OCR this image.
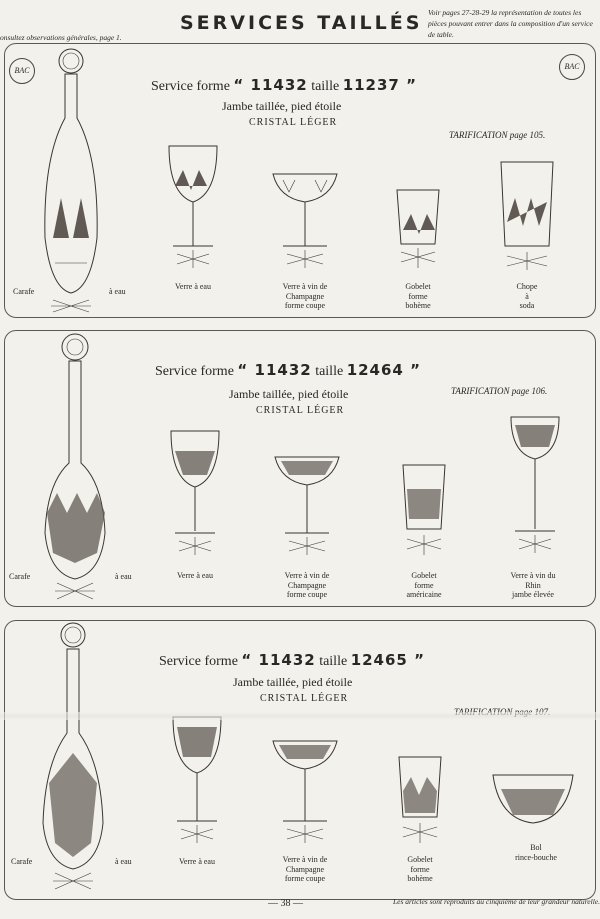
onsultez observations générales, page 1.
SERVICES TAILLÉS Voir pages 27-28-29 la représentation de toutes les pièces pouvant entrer dans la composition d'un service de table.
BAC	BAC
Service forme “ 11432 taille 11237 ”
Jambe taillée, pied étoile
CRISTAL LÉGER
TARIFICATION page 105.
Carafe	à eau
Verre à eau	Verre à vin de
Champagne
forme coupe
Gobelet
forme
bohème
Chope
à
soda
Service forme “ 11432 taille 12464 ”
Jambe taillée, pied étoile
CRISTAL LÉGER
TARIFICATION page 106.
Carafe	à eau	Verre à eau	Verre à vin de
Champagne
forme coupe
Gobelet
forme
américaine
Verre à vin du
Rhin
jambe élevée
Service forme “ 11432 taille 12465 ”
Jambe taillée, pied étoile
CRISTAL LÉGER
Carafe	à eau	Verre à eau	Verre à vin de
Champagne
forme coupe
Gobelet
forme
bohème
Bol
rince-bouche
— 38 —	Les articles sont reproduits au cinquième de leur grandeur naturelle.
